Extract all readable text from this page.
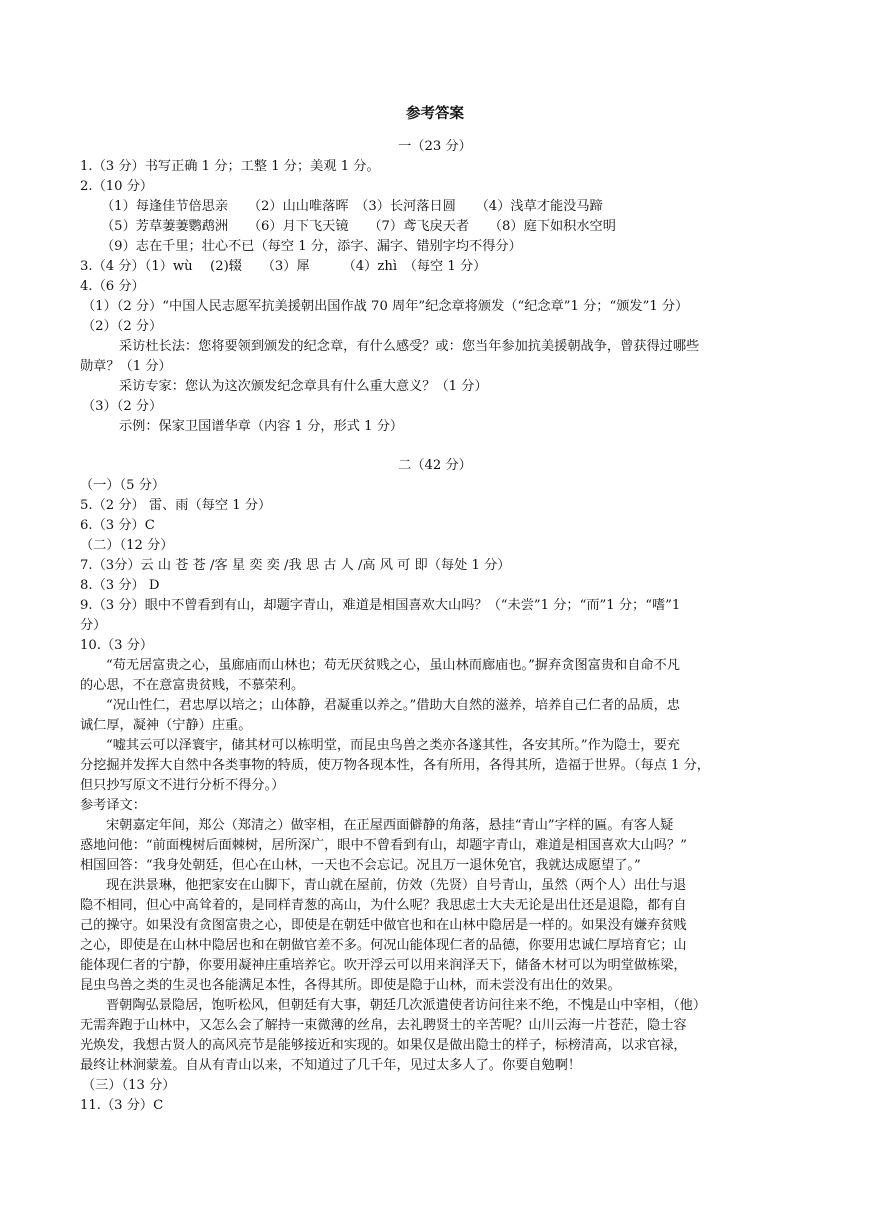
参考答案
一（23 分）
1.（3 分）书写正确 1 分；工整 1 分；美观 1 分。
2.（10 分）
（1）每逢佳节倍思亲　　（2）山山唯落晖　（3）长河落日圆　　（4）浅草才能没马蹄
（5）芳草萋萋鹦鹉洲　　（6）月下飞天镜　　（7）鸢飞戾天者　　（8）庭下如积水空明
（9）志在千里；壮心不已（每空 1 分，添字、漏字、错别字均不得分）
3.（4 分）（1）wù　 (2)辍　　（3）犀　　　（4）zhì　（每空 1 分）
4.（6 分）
（1）（2 分）“中国人民志愿军抗美援朝出国作战 70 周年”纪念章将颁发（“纪念章”1 分；“颁发”1 分）
（2）（2 分）
采访杜长法：您将要领到颁发的纪念章，有什么感受？或：您当年参加抗美援朝战争，曾获得过哪些
勋章？（1 分）
采访专家：您认为这次颁发纪念章具有什么重大意义？（1 分）
（3）（2 分）
示例：保家卫国谱华章（内容 1 分，形式 1 分）
二（42 分）
（一）（5 分）
5.（2 分） 雷、雨（每空 1 分）
6.（3 分）C
（二）（12 分）
7.（3分）云 山 苍 苍 /客 星 奕 奕 /我 思 古 人 /高 风 可 即（每处 1 分）
8.（3 分） D
9.（3 分）眼中不曾看到有山，却题字青山，难道是相国喜欢大山吗？（“未尝”1 分；“而”1 分；“嗜”1
分）
10.（3 分）
“苟无居富贵之心，虽廊庙而山林也；苟无厌贫贱之心，虽山林而廊庙也。”摒弃贪图富贵和自命不凡
的心思，不在意富贵贫贱，不慕荣利。
“况山性仁，君忠厚以培之；山体静，君凝重以养之。”借助大自然的滋养，培养自己仁者的品质，忠
诚仁厚，凝神（宁静）庄重。
“嘘其云可以泽寰宇，储其材可以栋明堂，而昆虫鸟兽之类亦各遂其性，各安其所。”作为隐士，要充
分挖掘并发挥大自然中各类事物的特质，使万物各现本性，各有所用，各得其所，造福于世界。（每点 1 分，
但只抄写原文不进行分析不得分。）
参考译文：
宋朝嘉定年间，郑公（郑清之）做宰相，在正屋西面僻静的角落，悬挂“青山”字样的匾。有客人疑
惑地问他：“前面槐树后面棘树，居所深广，眼中不曾看到有山，却题字青山，难道是相国喜欢大山吗？”
相国回答：“我身处朝廷，但心在山林，一天也不会忘记。况且万一退休免官，我就达成愿望了。”
现在洪景琳，他把家安在山脚下，青山就在屋前，仿效（先贤）自号青山，虽然（两个人）出仕与退
隐不相同，但心中高耸着的，是同样青葱的高山，为什么呢？我思虑士大夫无论是出仕还是退隐，都有自
己的操守。如果没有贪图富贵之心，即使是在朝廷中做官也和在山林中隐居是一样的。如果没有嫌弃贫贱
之心，即使是在山林中隐居也和在朝做官差不多。何况山能体现仁者的品德，你要用忠诚仁厚培育它；山
能体现仁者的宁静，你要用凝神庄重培养它。吹开浮云可以用来润泽天下，储备木材可以为明堂做栋梁，
昆虫鸟兽之类的生灵也各能满足本性，各得其所。即使是隐于山林，而未尝没有出仕的效果。
晋朝陶弘景隐居，饱听松风，但朝廷有大事，朝廷几次派遣使者访问往来不绝，不愧是山中宰相，（他）
无需奔跑于山林中，又怎么会了解持一束微薄的丝帛，去礼聘贤士的辛苦呢？山川云海一片苍茫，隐士容
光焕发，我想古贤人的高风亮节是能够接近和实现的。如果仅是做出隐士的样子，标榜清高，以求官禄，
最终让林涧蒙羞。自从有青山以来，不知道过了几千年，见过太多人了。你要自勉啊！
（三）（13 分）
11.（3 分）C
